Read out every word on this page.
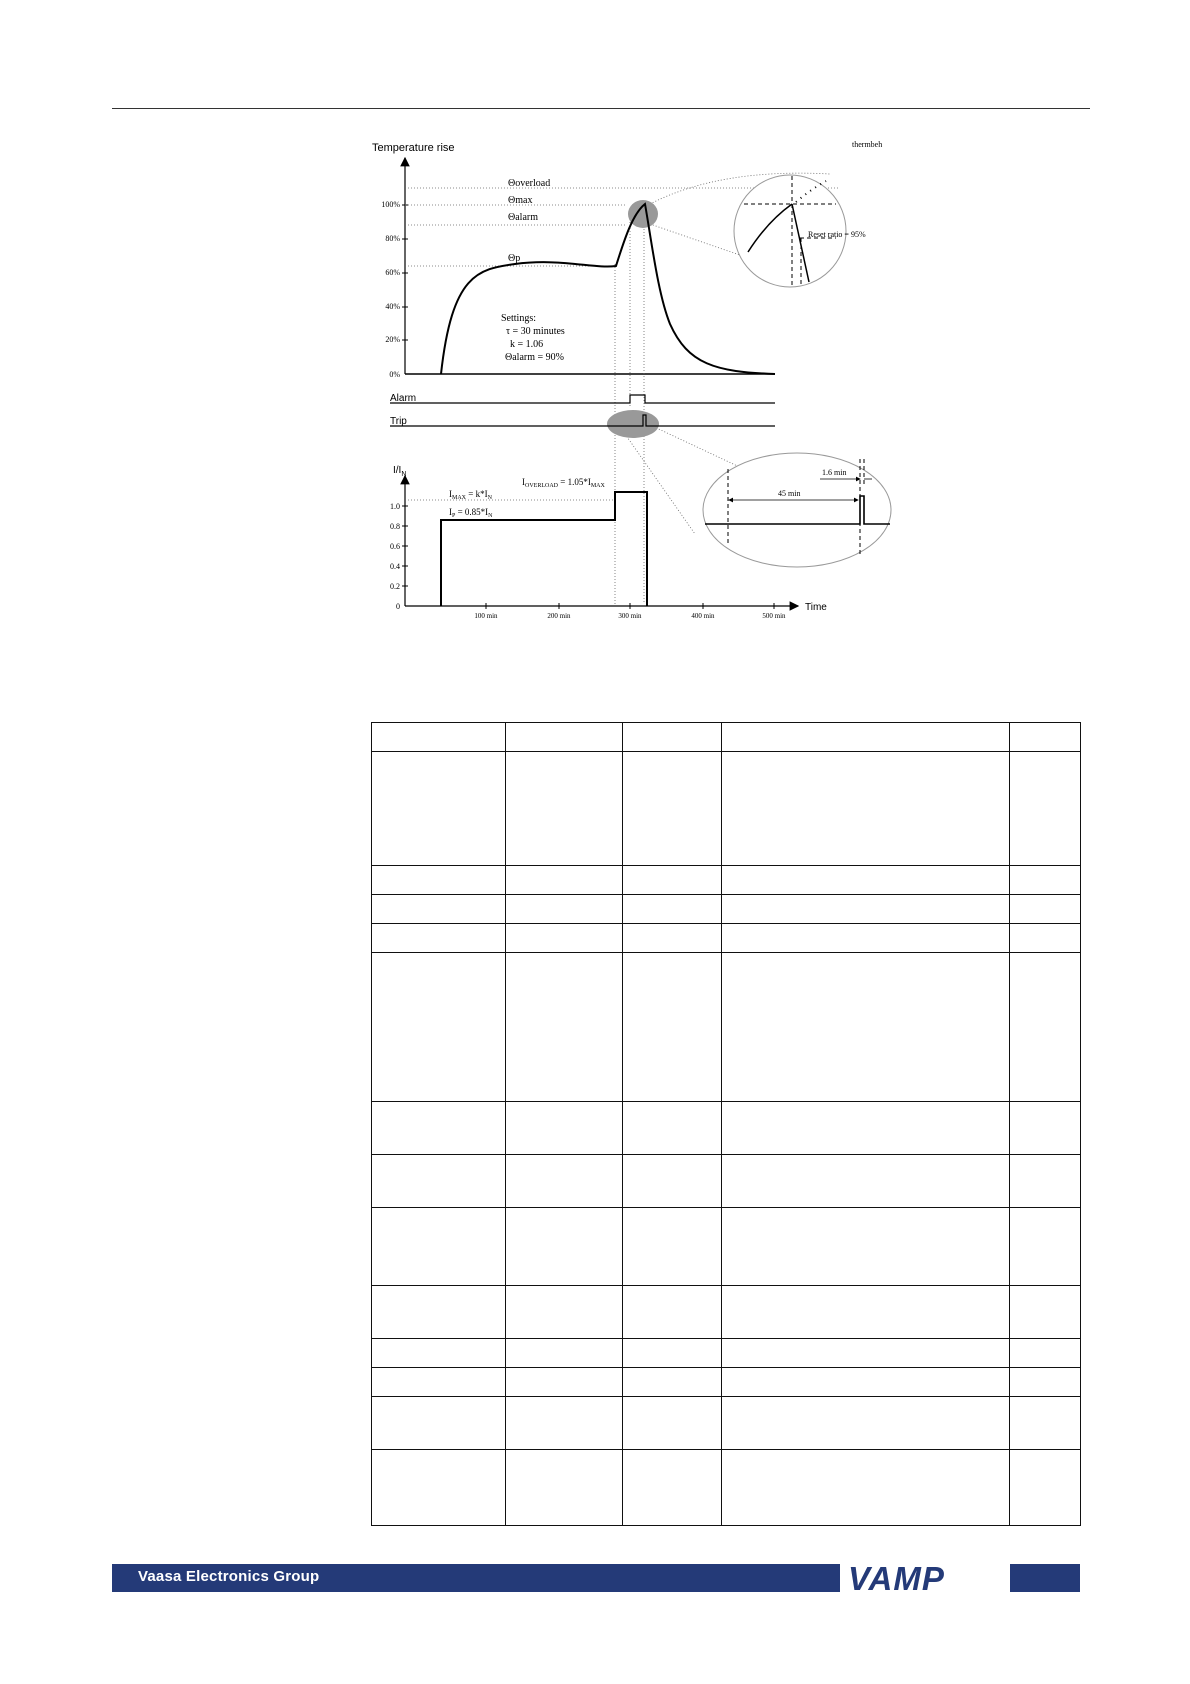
thermbeh
Temperature rise
100%
80%
60%
40%
20%
0%
Θoverload
Θmax
Θalarm
Θp
Settings:
τ = 30 minutes
k = 1.06
Θalarm = 90%
Reset ratio = 95%
Alarm
Trip
45 min
1.6 min
$I/I_N$
1.0
0.8
0.6
0.4
0.2
0
$I_{MAX} = k*I_N$
$I_P = 0.85*I_N$
$I_{OVERLOAD} = 1.05*I_{MAX}$
100 min	200 min	300 min	400 min	500 min
Time

Vaasa Electronics Group	VAMP
